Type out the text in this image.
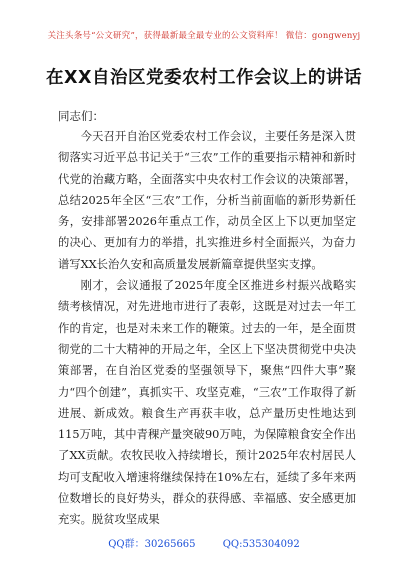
关注头条号“公文研究”，获得最新最全最专业的公文资料库！ 微信：gongwenyj
在XX自治区党委农村工作会议上的讲话
同志们：

今天召开自治区党委农村工作会议，主要任务是深入贯彻落实习近平总书记关于“三农”工作的重要指示精神和新时代党的治藏方略，全面落实中央农村工作会议的决策部署，总结2025年全区“三农”工作，分析当前面临的新形势新任务，安排部署2026年重点工作，动员全区上下以更加坚定的决心、更加有力的举措，扎实推进乡村全面振兴，为奋力谱写XX长治久安和高质量发展新篇章提供坚实支撑。

刚才，会议通报了2025年度全区推进乡村振兴战略实绩考核情况，对先进地市进行了表彰，这既是对过去一年工作的肯定，也是对未来工作的鞭策。过去的一年，是全面贯彻党的二十大精神的开局之年，全区上下坚决贯彻党中央决策部署，在自治区党委的坚强领导下，聚焦“四件大事”聚力“四个创建”，真抓实干、攻坚克难，“三农”工作取得了新进展、新成效。粮食生产再获丰收，总产量历史性地达到115万吨，其中青稞产量突破90万吨，为保障粮食安全作出了XX贡献。农牧民收入持续增长，预计2025年农村居民人均可支配收入增速将继续保持在10%左右，延续了多年来两位数增长的良好势头，群众的获得感、幸福感、安全感更加充实。脱贫攻坚成果

QQ群：30265665	QQ:535304092
